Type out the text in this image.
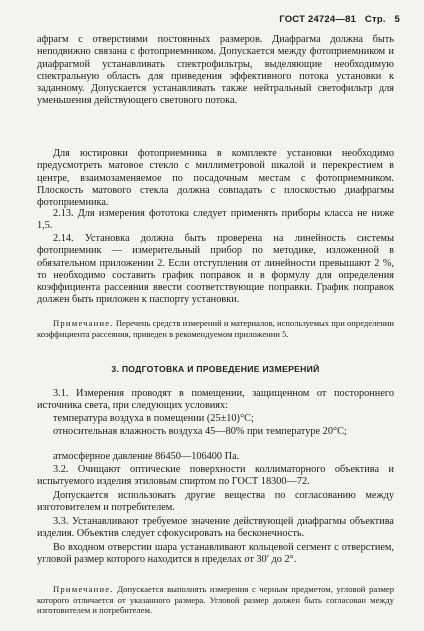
ГОСТ 24724—81 Стр. 5

афрагм с отверстиями постоянных размеров. Диафрагма должна быть неподвижно связана с фотоприемником. Допускается между фотоприемником и диафрагмой устанавливать спектрофильтры, выделяющие необходимую спектральную область для приведения эффективного потока установки к заданному. Допускается устанавливать также нейтральный светофильтр для уменьшения действующего светового потока.

Для юстировки фотоприемника в комплекте установки необходимо предусмотреть матовое стекло с миллиметровой шкалой и перекрестием в центре, взаимозаменяемое по посадочным местам с фотоприемником. Плоскость матового стекла должна совпадать с плоскостью диафрагмы фотоприемника.

2.13. Для измерения фототока следует применять приборы класса не ниже 1,5.

2.14. Установка должна быть проверена на линейность системы фотоприемник — измерительный прибор по методике, изложенной в обязательном приложении 2. Если отступления от линейности превышают 2 %, то необходимо составить график поправок и в формулу для определения коэффициента рассеяния ввести соответствующие поправки. График поправок должен быть приложен к паспорту установки.

Примечание. Перечень средств измерений и материалов, используемых при определении коэффициента рассеяния, приведен в рекомендуемом приложении 5.

3. ПОДГОТОВКА И ПРОВЕДЕНИЕ ИЗМЕРЕНИЙ

3.1. Измерения проводят в помещении, защищенном от постороннего источника света, при следующих условиях:

температура воздуха в помещении (25±10)°С;

относительная влажность воздуха 45—80% при температуре 20°С;

атмосферное давление 86450—106400 Па.

3.2. Очищают оптические поверхности коллиматорного объектива и испытуемого изделия этиловым спиртом по ГОСТ 18300—72.

Допускается использовать другие вещества по согласованию между изготовителем и потребителем.

3.3. Устанавливают требуемое значение действующей диафрагмы объектива изделия. Объектив следует сфокусировать на бесконечность.

Во входном отверстии шара устанавливают кольцевой сегмент с отверстием, угловой размер которого находится в пределах от 30′ до 2°.

Примечание. Допускается выполнять измерения с черным предметом, угловой размер которого отличается от указанного размера. Угловой размер должен быть согласован между изготовителем и потребителем.
